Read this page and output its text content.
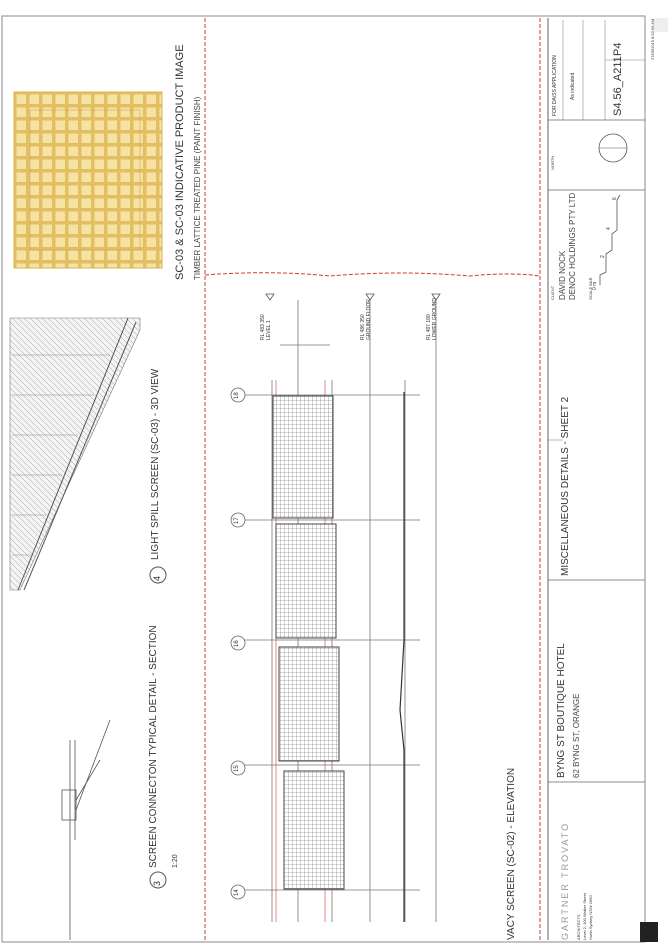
3
SCREEN CONNECTON TYPICAL DETAIL - SECTION 1:20
4
LIGHT SPILL SCREEN (SC-03) - 3D VIEW
SC-03 & SC-03 INDICATIVE PRODUCT IMAGE TIMBER LATTICE TREATED PINE (PAINT FINISH)
VACY SCREEN (SC-02) - ELEVATION
18
17
16
15
14
RL 483 350 LEVEL 1	RL 486 350 GROUND FLOOR	RL 487 180 LOWER GROUND
BYNG ST BOUTIQUE HOTEL 62 BYNG ST, ORANGE
MISCELLANEOUS DETAILS - SHEET 2
CLIENT DAVID NOCK DENOC HOLDINGS PTY LTD	SCALE BAR 0 m
2
4
6
NORTH
FOR DA/SS APPLICATION As indicated	S4.56_A211
P4	27/09/2019 8:52:59 AM
GARTNER TROVATO ARCHITECTS Level 2, 100 Walker Street North Sydney NSW 2060
